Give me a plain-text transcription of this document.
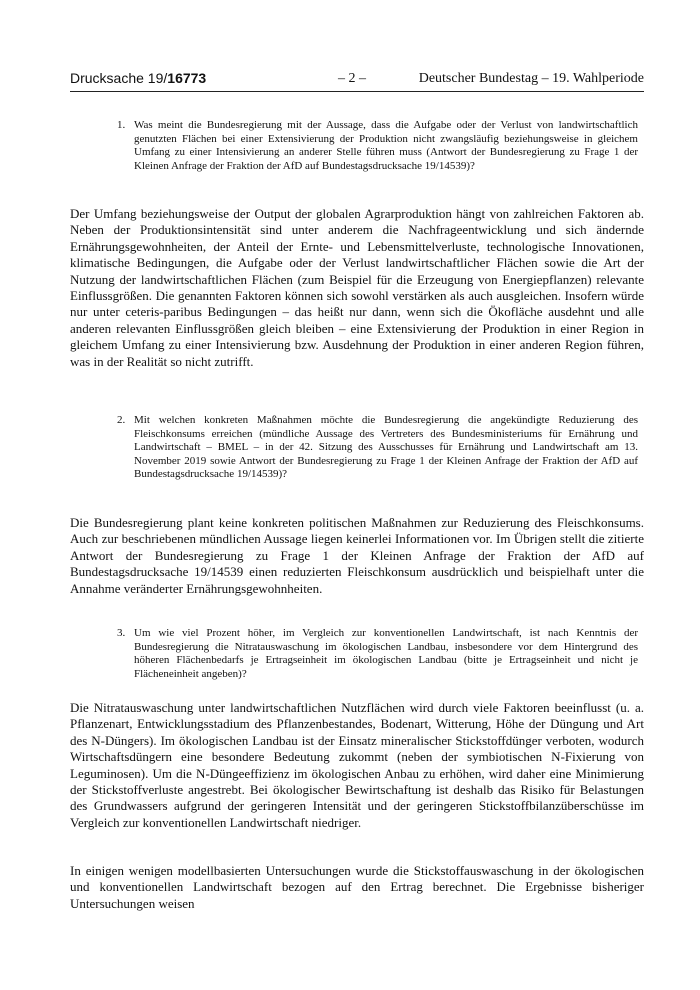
Drucksache 19/16773	– 2 –	Deutscher Bundestag – 19. Wahlperiode
1. Was meint die Bundesregierung mit der Aussage, dass die Aufgabe oder der Verlust von landwirtschaftlich genutzten Flächen bei einer Extensivierung der Produktion nicht zwangsläufig beziehungsweise in gleichem Umfang zu einer Intensivierung an anderer Stelle führen muss (Antwort der Bundesregierung zu Frage 1 der Kleinen Anfrage der Fraktion der AfD auf Bundestagsdrucksache 19/14539)?

Der Umfang beziehungsweise der Output der globalen Agrarproduktion hängt von zahlreichen Faktoren ab. Neben der Produktionsintensität sind unter anderem die Nachfrageentwicklung und sich ändernde Ernährungsgewohnheiten, der Anteil der Ernte- und Lebensmittelverluste, technologische Innovationen, klimatische Bedingungen, die Aufgabe oder der Verlust landwirtschaftlicher Flächen sowie die Art der Nutzung der landwirtschaftlichen Flächen (zum Beispiel für die Erzeugung von Energiepflanzen) relevante Einflussgrößen. Die genannten Faktoren können sich sowohl verstärken als auch ausgleichen. Insofern würde nur unter ceteris-paribus Bedingungen – das heißt nur dann, wenn sich die Ökofläche ausdehnt und alle anderen relevanten Einflussgrößen gleich bleiben – eine Extensivierung der Produktion in einer Region in gleichem Umfang zu einer Intensivierung bzw. Ausdehnung der Produktion in einer anderen Region führen, was in der Realität so nicht zutrifft.

2. Mit welchen konkreten Maßnahmen möchte die Bundesregierung die angekündigte Reduzierung des Fleischkonsums erreichen (mündliche Aussage des Vertreters des Bundesministeriums für Ernährung und Landwirtschaft – BMEL – in der 42. Sitzung des Ausschusses für Ernährung und Landwirtschaft am 13. November 2019 sowie Antwort der Bundesregierung zu Frage 1 der Kleinen Anfrage der Fraktion der AfD auf Bundestagsdrucksache 19/14539)?

Die Bundesregierung plant keine konkreten politischen Maßnahmen zur Reduzierung des Fleischkonsums. Auch zur beschriebenen mündlichen Aussage liegen keinerlei Informationen vor. Im Übrigen stellt die zitierte Antwort der Bundesregierung zu Frage 1 der Kleinen Anfrage der Fraktion der AfD auf Bundestagsdrucksache 19/14539 einen reduzierten Fleischkonsum ausdrücklich und beispielhaft unter die Annahme veränderter Ernährungsgewohnheiten.

3. Um wie viel Prozent höher, im Vergleich zur konventionellen Landwirtschaft, ist nach Kenntnis der Bundesregierung die Nitratauswaschung im ökologischen Landbau, insbesondere vor dem Hintergrund des höheren Flächenbedarfs je Ertragseinheit im ökologischen Landbau (bitte je Ertragseinheit und nicht je Flächeneinheit angeben)?

Die Nitratauswaschung unter landwirtschaftlichen Nutzflächen wird durch viele Faktoren beeinflusst (u. a. Pflanzenart, Entwicklungsstadium des Pflanzenbestandes, Bodenart, Witterung, Höhe der Düngung und Art des N-Düngers). Im ökologischen Landbau ist der Einsatz mineralischer Stickstoffdünger verboten, wodurch Wirtschaftsdüngern eine besondere Bedeutung zukommt (neben der symbiotischen N-Fixierung von Leguminosen). Um die N-Düngeeffizienz im ökologischen Anbau zu erhöhen, wird daher eine Minimierung der Stickstoffverluste angestrebt. Bei ökologischer Bewirtschaftung ist deshalb das Risiko für Belastungen des Grundwassers aufgrund der geringeren Intensität und der geringeren Stickstoffbilanzüberschüsse im Vergleich zur konventionellen Landwirtschaft niedriger.

In einigen wenigen modellbasierten Untersuchungen wurde die Stickstoffauswaschung in der ökologischen und konventionellen Landwirtschaft bezogen auf den Ertrag berechnet. Die Ergebnisse bisheriger Untersuchungen weisen
